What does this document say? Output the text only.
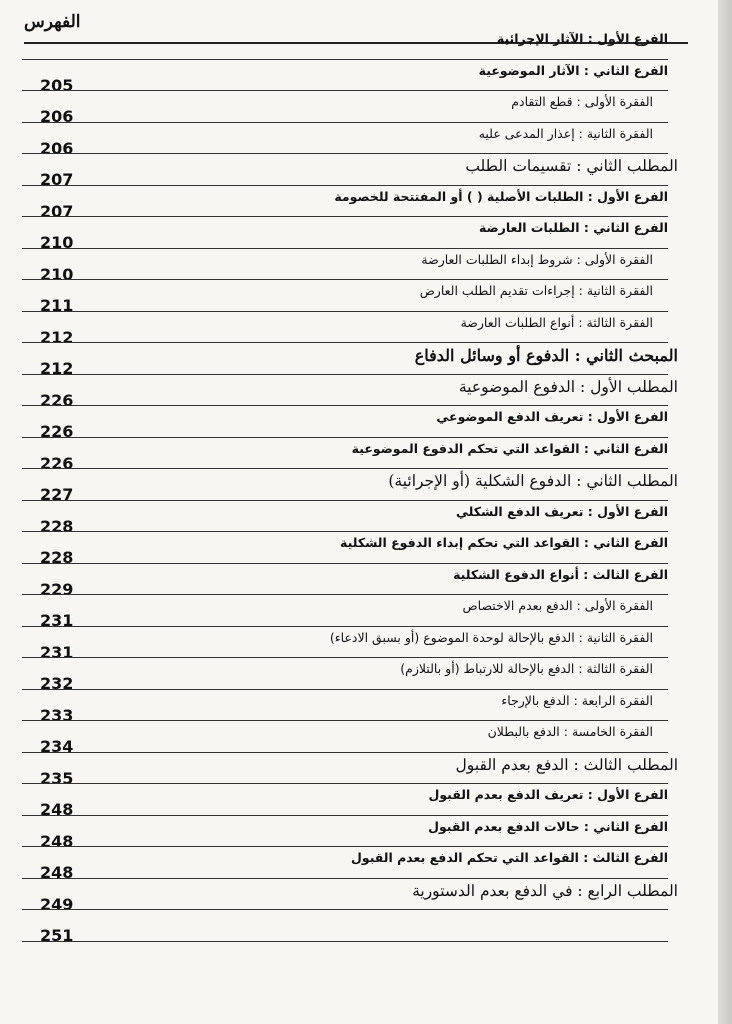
الفهرس
الفرع الأول : الآثار الإجرائية
الفرع الثاني : الآثار الموضوعية
205
الفقرة الأولى : قطع التقادم
206
الفقرة الثانية : إعذار المدعى عليه
206
المطلب الثاني : تقسيمات الطلب
207
الفرع الأول : الطلبات الأصلية ( ) أو المفتتحة للخصومة
207
الفرع الثاني : الطلبات العارضة
210
الفقرة الأولى : شروط إبداء الطلبات العارضة
210
الفقرة الثانية : إجراءات تقديم الطلب العارض
211
الفقرة الثالثة : أنواع الطلبات العارضة
212
المبحث الثاني : الدفوع أو وسائل الدفاع
212
المطلب الأول : الدفوع الموضوعية
226
الفرع الأول : تعريف الدفع الموضوعي
226
الفرع الثاني : القواعد التي تحكم الدفوع الموضوعية
226
المطلب الثاني : الدفوع الشكلية (أو الإجرائية)
227
الفرع الأول : تعريف الدفع الشكلي
228
الفرع الثاني : القواعد التي تحكم إبداء الدفوع الشكلية
228
الفرع الثالث : أنواع الدفوع الشكلية
229
الفقرة الأولى : الدفع بعدم الاختصاص
231
الفقرة الثانية : الدفع بالإحالة لوحدة الموضوع (أو بسبق الادعاء)
231
الفقرة الثالثة : الدفع بالإحالة للارتباط (أو بالتلازم)
232
الفقرة الرابعة : الدفع بالإرجاء
233
الفقرة الخامسة : الدفع بالبطلان
234
المطلب الثالث : الدفع بعدم القبول
235
الفرع الأول : تعريف الدفع بعدم القبول
248
الفرع الثاني : حالات الدفع بعدم القبول
248
الفرع الثالث : القواعد التي تحكم الدفع بعدم القبول
248
المطلب الرابع : في الدفع بعدم الدستورية
249
251
